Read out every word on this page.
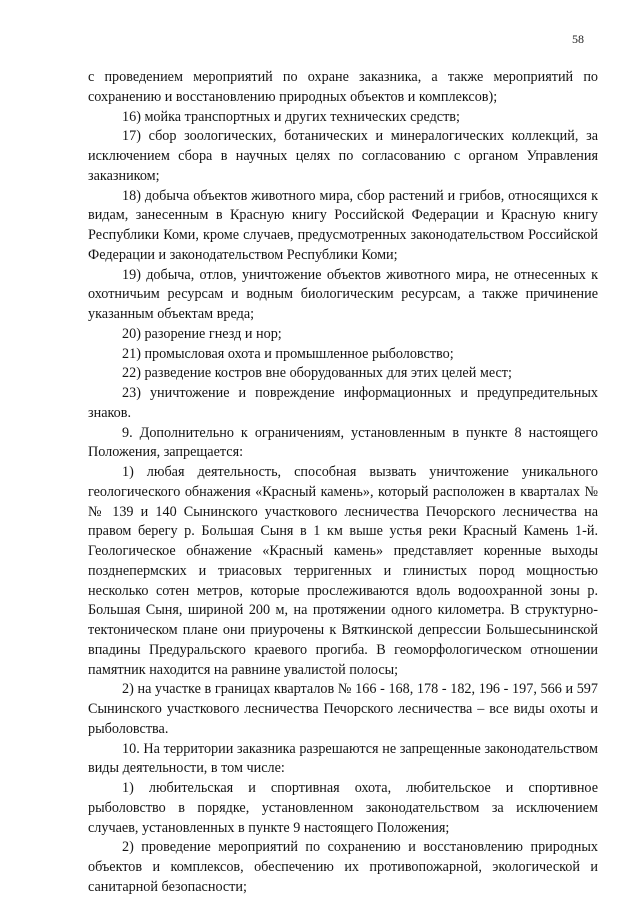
58

с проведением мероприятий по охране заказника, а также мероприятий по сохранению и восстановлению природных объектов и комплексов);

16) мойка транспортных и других технических средств;

17) сбор зоологических, ботанических и минералогических коллекций, за исключением сбора в научных целях по согласованию с органом Управления заказником;

18) добыча объектов животного мира, сбор растений и грибов, относящихся к видам, занесенным в Красную книгу Российской Федерации и Красную книгу Республики Коми, кроме случаев, предусмотренных законодательством Российской Федерации и законодательством Республики Коми;

19) добыча, отлов, уничтожение объектов животного мира, не отнесенных к охотничьим ресурсам и водным биологическим ресурсам, а также причинение указанным объектам вреда;

20) разорение гнезд и нор;

21) промысловая охота и промышленное рыболовство;

22) разведение костров вне оборудованных для этих целей мест;

23) уничтожение и повреждение информационных и предупредительных знаков.

9. Дополнительно к ограничениям, установленным в пункте 8 настоящего Положения, запрещается:

1) любая деятельность, способная вызвать уничтожение уникального геологического обнажения «Красный камень», который расположен в кварталах №№ 139 и 140 Сынинского участкового лесничества Печорского лесничества на правом берегу р. Большая Сыня в 1 км выше устья реки Красный Камень 1-й. Геологическое обнажение «Красный камень» представляет коренные выходы позднепермских и триасовых терригенных и глинистых пород мощностью несколько сотен метров, которые прослеживаются вдоль водоохранной зоны р. Большая Сыня, шириной 200 м, на протяжении одного километра. В структурно-тектоническом плане они приурочены к Вяткинской депрессии Большесынинской впадины Предуральского краевого прогиба. В геоморфологическом отношении памятник находится на равнине увалистой полосы;

2) на участке в границах кварталов № 166 - 168, 178 - 182, 196 - 197, 566 и 597 Сынинского участкового лесничества Печорского лесничества – все виды охоты и рыболовства.

10. На территории заказника разрешаются не запрещенные законодательством виды деятельности, в том числе:

1) любительская и спортивная охота, любительское и спортивное рыболовство в порядке, установленном законодательством за исключением случаев, установленных в пункте 9 настоящего Положения;

2) проведение мероприятий по сохранению и восстановлению природных объектов и комплексов, обеспечению их противопожарной, экологической и санитарной безопасности;
